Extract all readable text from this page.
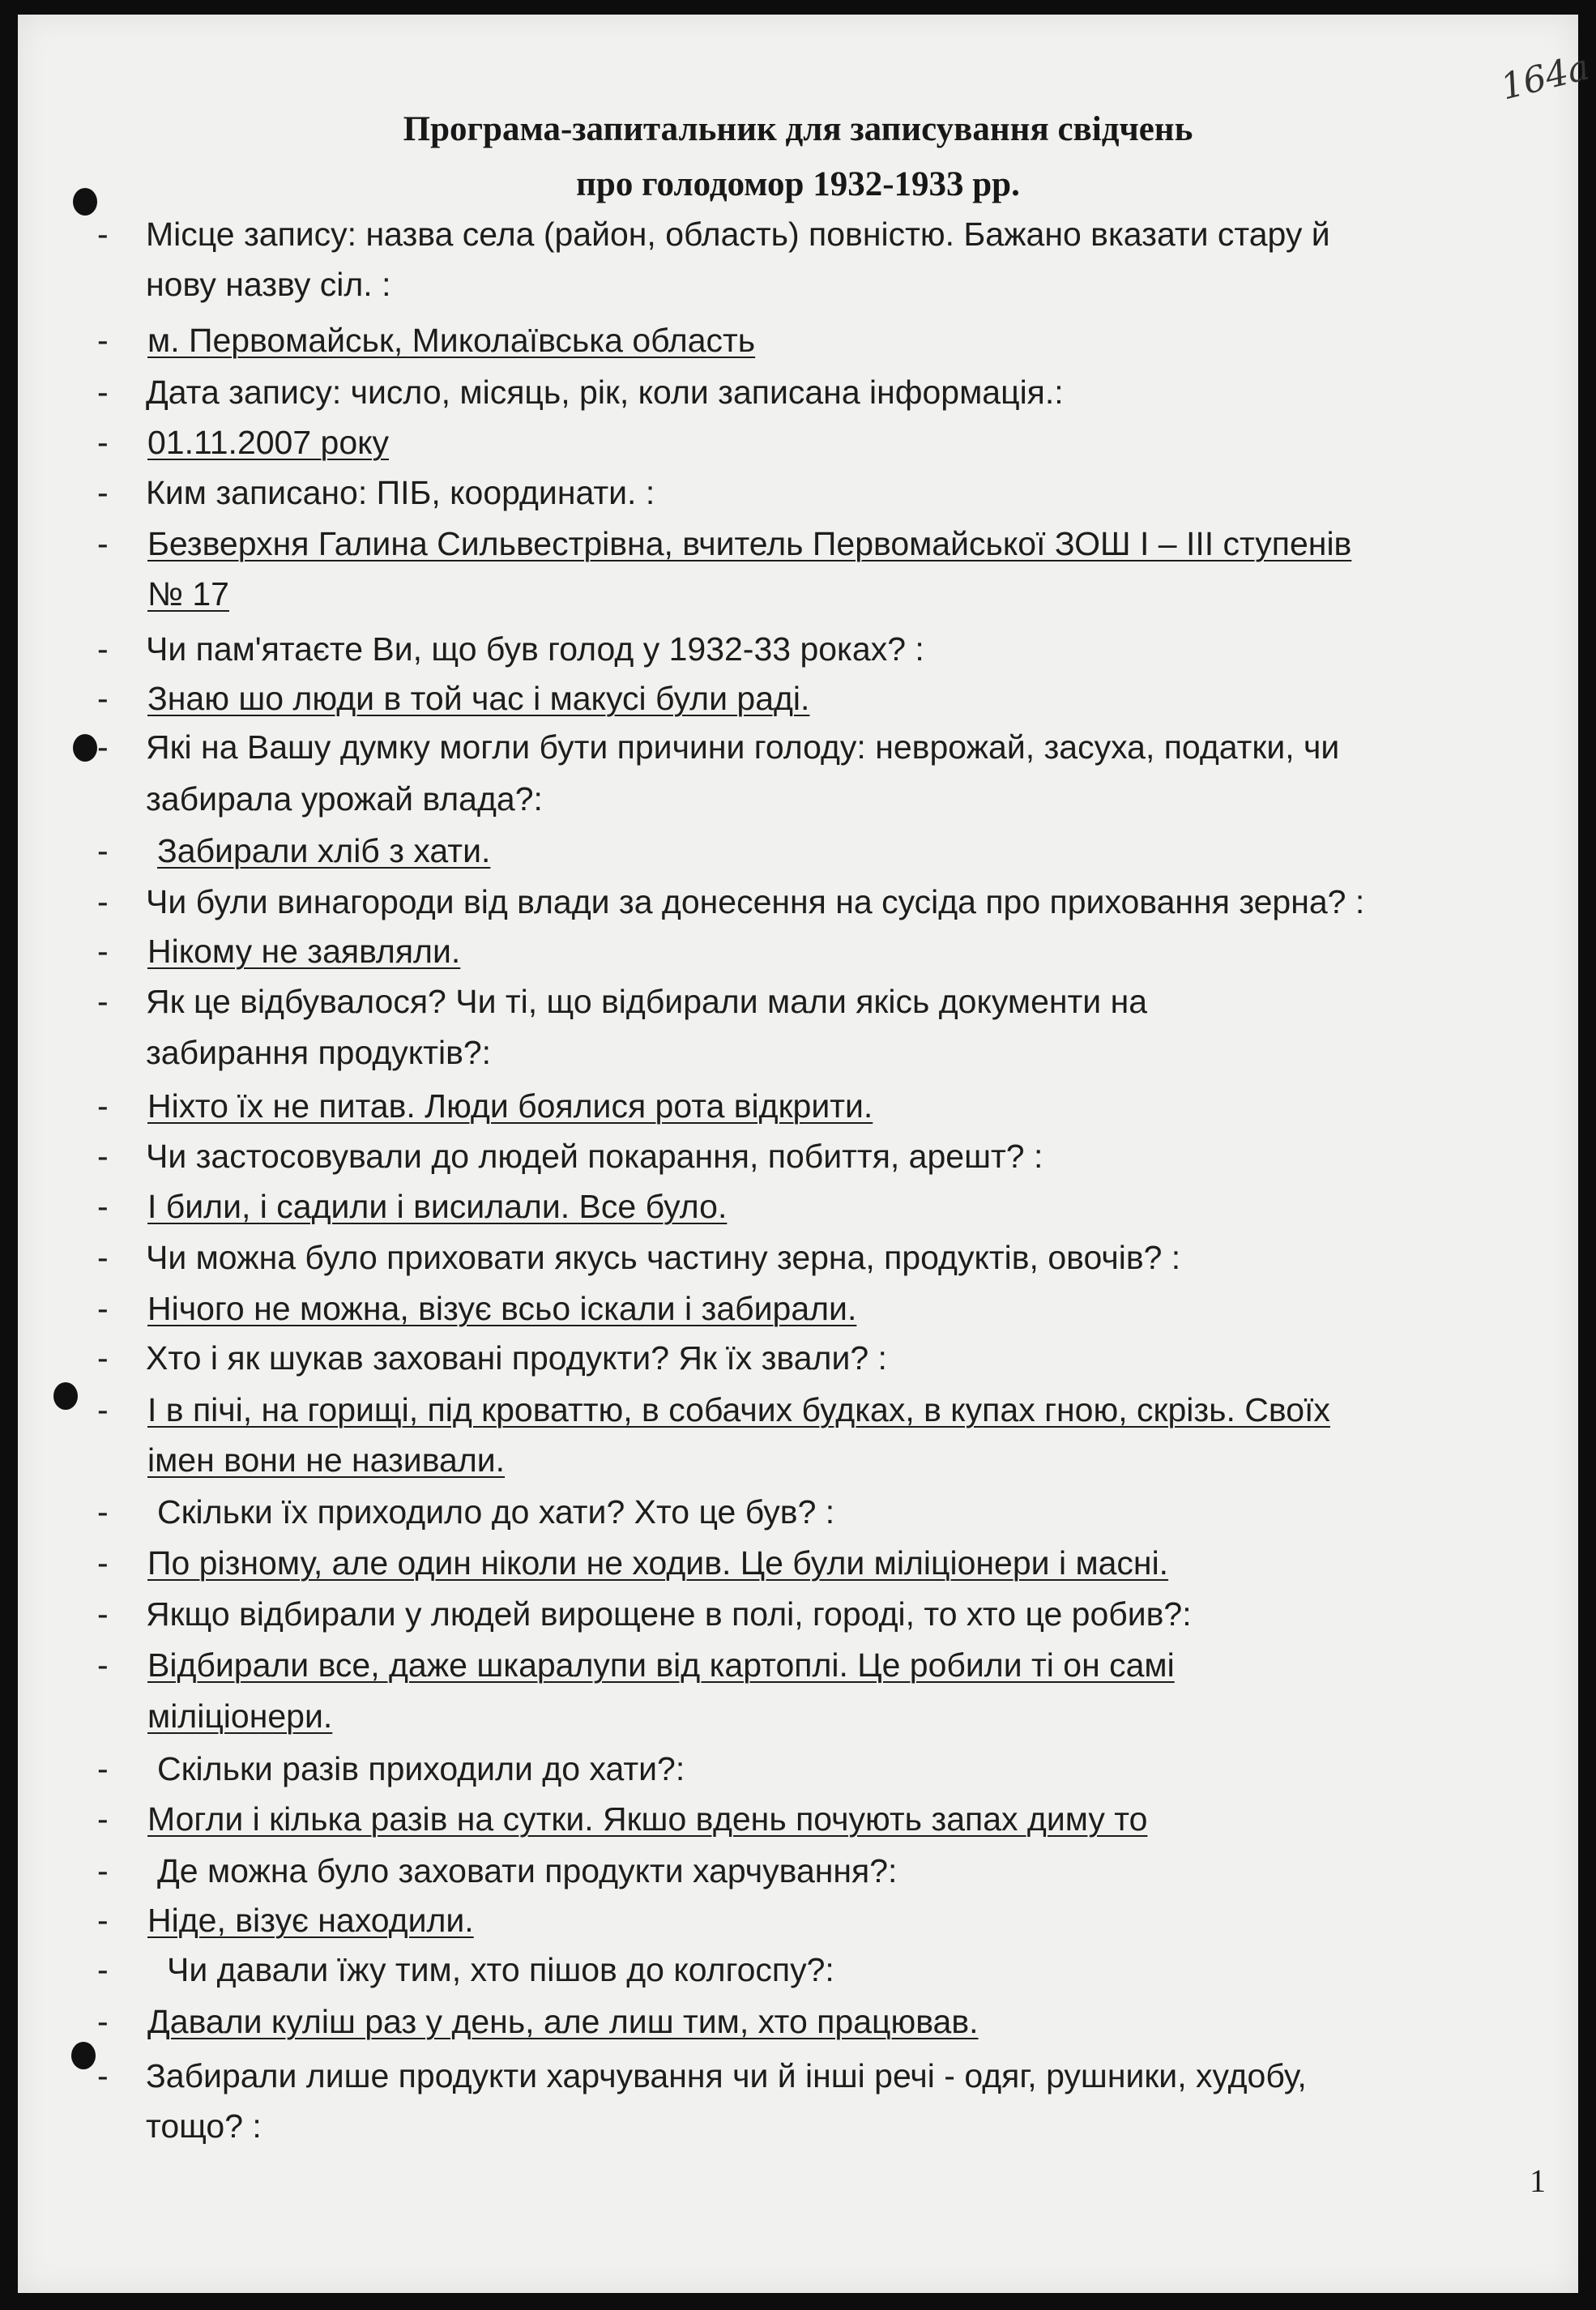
164a
Програма-запитальник для записування свідчень
про голодомор 1932-1933 рр.
-
-
-
-
-
-
-
-
-
-
-
-
-
-
-
-
-
-
-
-
-
-
-
-
-
-
-
-
-
-
-
Місце запису: назва села (район, область) повністю. Бажано вказати стару й
нову назву сіл. :
м. Первомайськ, Миколаївська область
Дата запису: число, місяць, рік, коли записана інформація.:
01.11.2007 року
Ким записано: ПІБ, координати. :
Безверхня Галина Сильвестрівна, вчитель Первомайської ЗОШ І – ІІІ ступенів
№ 17
Чи пам'ятаєте Ви, що був голод у 1932-33 роках? :
Знаю шо люди в той час і макусі були раді.
Які на Вашу думку могли бути причини голоду: неврожай, засуха, податки, чи
забирала урожай влада?:
Забирали хліб з хати.
Чи були винагороди від влади за донесення на сусіда про приховання зерна? :
Нікому не заявляли.
Як це відбувалося? Чи ті, що відбирали мали якісь документи на
забирання продуктів?:
Ніхто їх не питав. Люди боялися рота відкрити.
Чи застосовували до людей покарання, побиття, арешт? :
І били, і садили і висилали. Все було.
Чи можна було приховати якусь частину зерна, продуктів, овочів? :
Нічого не можна, візує всьо іскали і забирали.
Хто і як шукав заховані продукти? Як їх звали? :
І в пічі, на горищі, під кроваттю, в собачих будках, в купах гною, скрізь. Своїх
імен вони не називали.
Скільки їх приходило до хати? Хто це був? :
По різному, але один ніколи не ходив. Це були міліціонери і масні.
Якщо відбирали у людей вирощене в полі, городі, то хто це робив?:
Відбирали все, даже шкаралупи від картоплі. Це робили ті он самі
міліціонери.
Скільки разів приходили до хати?:
Могли і кілька разів на сутки. Якшо вдень почують запах диму то
Де можна було заховати продукти харчування?:
Ніде, візує находили.
Чи давали їжу тим, хто пішов до колгоспу?:
Давали куліш раз у день, але лиш тим, хто працював.
Забирали лише продукти харчування чи й інші речі - одяг, рушники, худобу,
тощо? :
1
